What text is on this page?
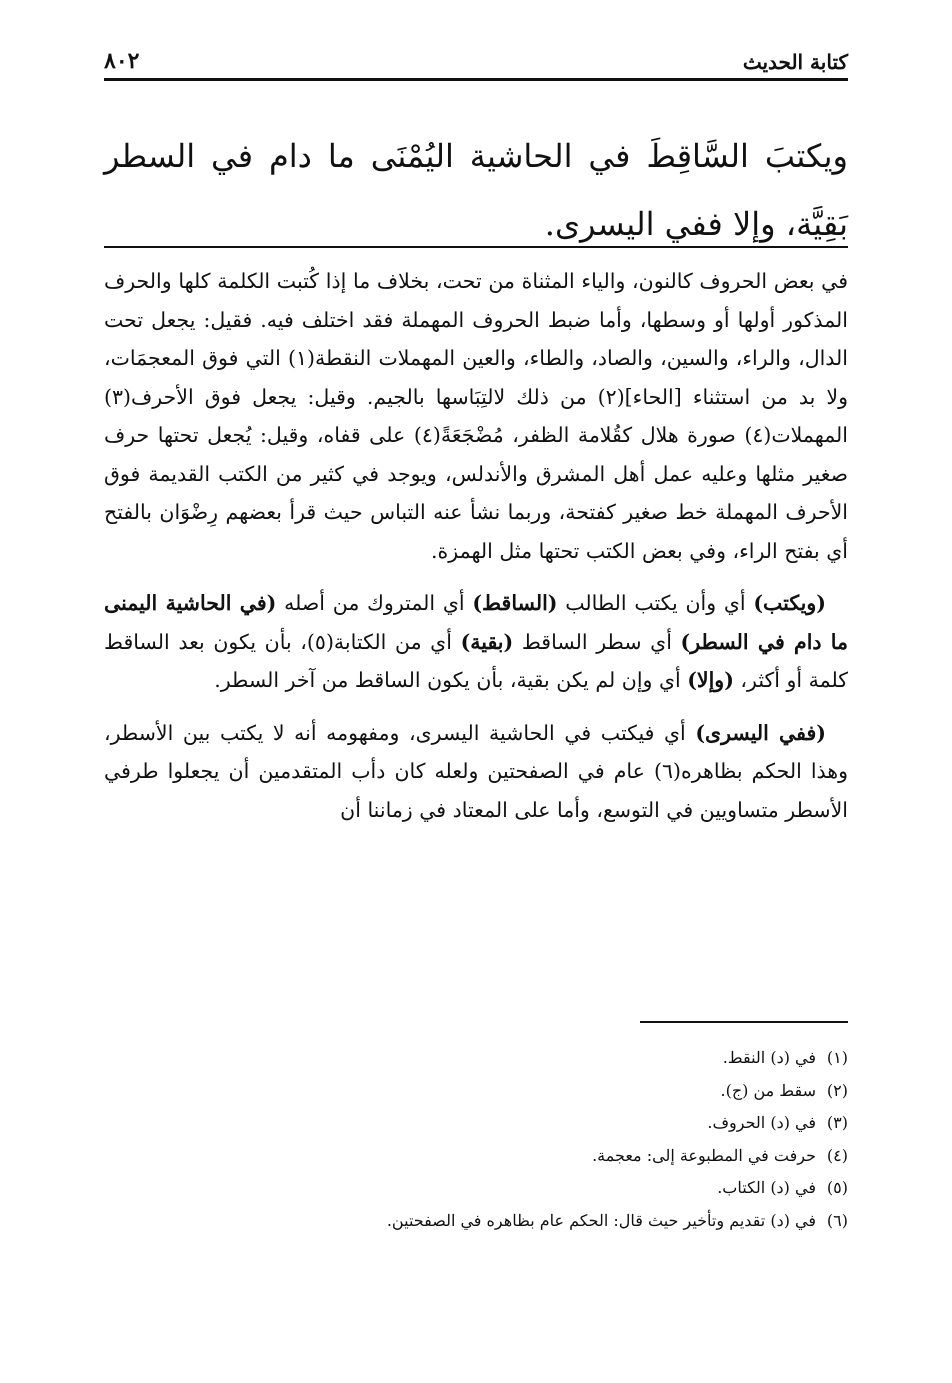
كتابة الحديث
٨٠٢
ويكتبَ السَّاقِطَ في الحاشية اليُمْنَى ما دام في السطر بَقِيَّة، وإلا ففي اليسرى.

في بعض الحروف كالنون، والياء المثناة من تحت، بخلاف ما إذا كُتبت الكلمة كلها والحرف المذكور أولها أو وسطها، وأما ضبط الحروف المهملة فقد اختلف فيه. فقيل: يجعل تحت الدال، والراء، والسين، والصاد، والطاء، والعين المهملات النقطة(١) التي فوق المعجمَات، ولا بد من استثناء [الحاء](٢) من ذلك لالتِبَاسها بالجيم. وقيل: يجعل فوق الأحرف(٣) المهملات(٤) صورة هلال كقُلامة الظفر، مُضْجَعَةً(٤) على قفاه، وقيل: يُجعل تحتها حرف صغير مثلها وعليه عمل أهل المشرق والأندلس، ويوجد في كثير من الكتب القديمة فوق الأحرف المهملة خط صغير كفتحة، وربما نشأ عنه التباس حيث قرأ بعضهم رِضْوَان بالفتح أي بفتح الراء، وفي بعض الكتب تحتها مثل الهمزة.

(ويكتب) أي وأن يكتب الطالب (الساقط) أي المتروك من أصله (في الحاشية اليمنى ما دام في السطر) أي سطر الساقط (بقية) أي من الكتابة(٥)، بأن يكون بعد الساقط كلمة أو أكثر، (وإلا) أي وإن لم يكن بقية، بأن يكون الساقط من آخر السطر.

(ففي اليسرى) أي فيكتب في الحاشية اليسرى، ومفهومه أنه لا يكتب بين الأسطر، وهذا الحكم بظاهره(٦) عام في الصفحتين ولعله كان دأب المتقدمين أن يجعلوا طرفي الأسطر متساويين في التوسع، وأما على المعتاد في زماننا أن

(١)
في (د) النقط.
(٢)
سقط من (ج).
(٣)
في (د) الحروف.
(٤)
حرفت في المطبوعة إلى: معجمة.
(٥)
في (د) الكتاب.
(٦)
في (د) تقديم وتأخير حيث قال: الحكم عام بظاهره في الصفحتين.
